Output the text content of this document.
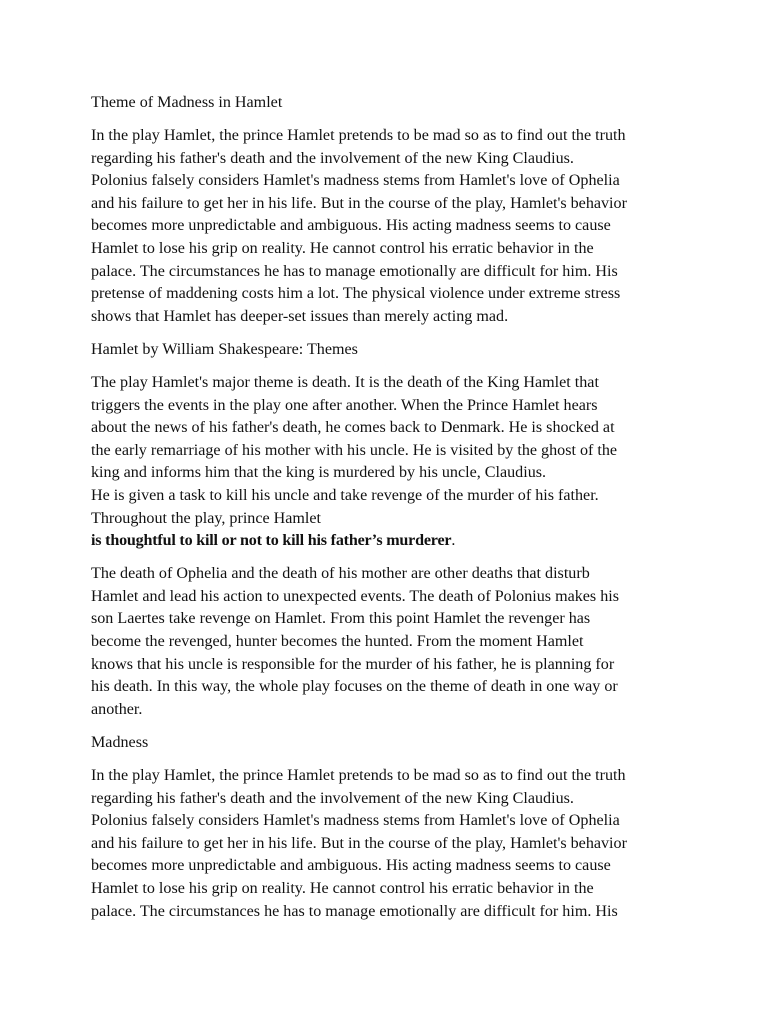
Theme of Madness in Hamlet
In the play Hamlet, the prince Hamlet pretends to be mad so as to find out the truth
regarding his father's death and the involvement of the new King Claudius.
Polonius falsely considers Hamlet's madness stems from Hamlet's love of Ophelia
and his failure to get her in his life. But in the course of the play, Hamlet's behavior
becomes more unpredictable and ambiguous. His acting madness seems to cause
Hamlet to lose his grip on reality. He cannot control his erratic behavior in the
palace. The circumstances he has to manage emotionally are difficult for him. His
pretense of maddening costs him a lot. The physical violence under extreme stress
shows that Hamlet has deeper-set issues than merely acting mad.
Hamlet by William Shakespeare: Themes
The play Hamlet's major theme is death. It is the death of the King Hamlet that
triggers the events in the play one after another. When the Prince Hamlet hears
about the news of his father's death, he comes back to Denmark. He is shocked at
the early remarriage of his mother with his uncle. He is visited by the ghost of the
king and informs him that the king is murdered by his uncle, Claudius.
He is given a task to kill his uncle and take revenge of the murder of his father.
Throughout the play, prince Hamlet
is thoughtful to kill or not to kill his father’s murderer.
The death of Ophelia and the death of his mother are other deaths that disturb
Hamlet and lead his action to unexpected events. The death of Polonius makes his
son Laertes take revenge on Hamlet. From this point Hamlet the revenger has
become the revenged, hunter becomes the hunted. From the moment Hamlet
knows that his uncle is responsible for the murder of his father, he is planning for
his death. In this way, the whole play focuses on the theme of death in one way or
another.
Madness
In the play Hamlet, the prince Hamlet pretends to be mad so as to find out the truth
regarding his father's death and the involvement of the new King Claudius.
Polonius falsely considers Hamlet's madness stems from Hamlet's love of Ophelia
and his failure to get her in his life. But in the course of the play, Hamlet's behavior
becomes more unpredictable and ambiguous. His acting madness seems to cause
Hamlet to lose his grip on reality. He cannot control his erratic behavior in the
palace. The circumstances he has to manage emotionally are difficult for him. His
